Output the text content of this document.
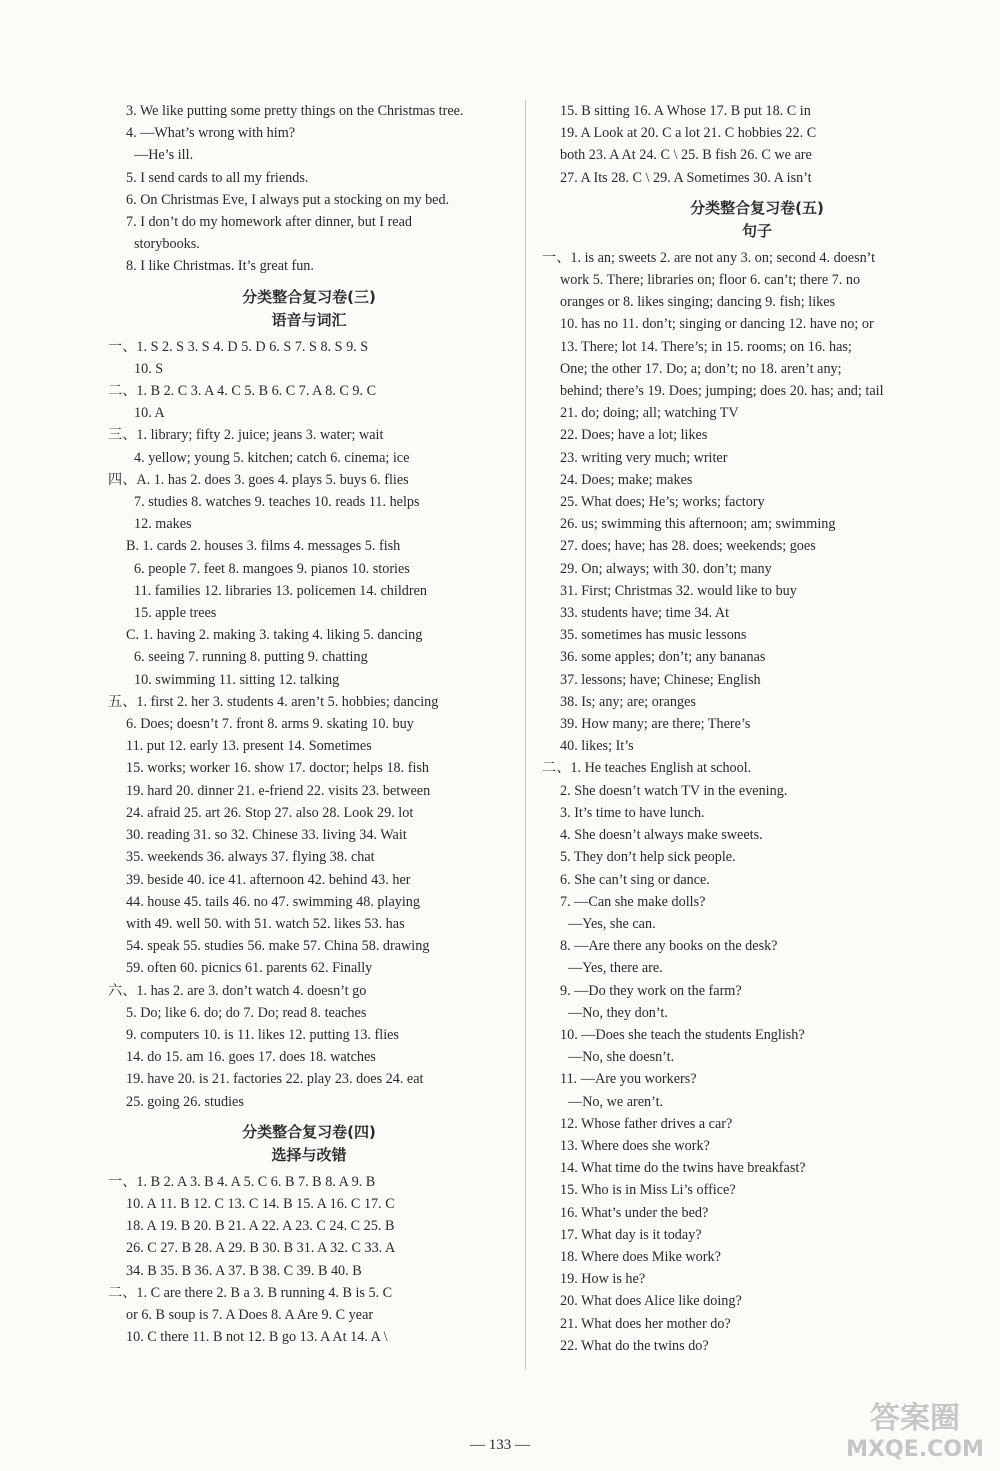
3. We like putting some pretty things on the Christmas tree.
4. —What’s wrong with him?
—He’s ill.
5. I send cards to all my friends.
6. On Christmas Eve, I always put a stocking on my bed.
7. I don’t do my homework after dinner, but I read
storybooks.
8. I like Christmas. It’s great fun.
分类整合复习卷(三)
语音与词汇
一、1. S 2. S 3. S 4. D 5. D 6. S 7. S 8. S 9. S
10. S
二、1. B 2. C 3. A 4. C 5. B 6. C 7. A 8. C 9. C
10. A
三、1. library; fifty 2. juice; jeans 3. water; wait
4. yellow; young 5. kitchen; catch 6. cinema; ice
四、A. 1. has 2. does 3. goes 4. plays 5. buys 6. flies
7. studies 8. watches 9. teaches 10. reads 11. helps
12. makes
B. 1. cards 2. houses 3. films 4. messages 5. fish
6. people 7. feet 8. mangoes 9. pianos 10. stories
11. families 12. libraries 13. policemen 14. children
15. apple trees
C. 1. having 2. making 3. taking 4. liking 5. dancing
6. seeing 7. running 8. putting 9. chatting
10. swimming 11. sitting 12. talking
五、1. first 2. her 3. students 4. aren’t 5. hobbies; dancing
6. Does; doesn’t 7. front 8. arms 9. skating 10. buy
11. put 12. early 13. present 14. Sometimes
15. works; worker 16. show 17. doctor; helps 18. fish
19. hard 20. dinner 21. e-friend 22. visits 23. between
24. afraid 25. art 26. Stop 27. also 28. Look 29. lot
30. reading 31. so 32. Chinese 33. living 34. Wait
35. weekends 36. always 37. flying 38. chat
39. beside 40. ice 41. afternoon 42. behind 43. her
44. house 45. tails 46. no 47. swimming 48. playing
with 49. well 50. with 51. watch 52. likes 53. has
54. speak 55. studies 56. make 57. China 58. drawing
59. often 60. picnics 61. parents 62. Finally
六、1. has 2. are 3. don’t watch 4. doesn’t go
5. Do; like 6. do; do 7. Do; read 8. teaches
9. computers 10. is 11. likes 12. putting 13. flies
14. do 15. am 16. goes 17. does 18. watches
19. have 20. is 21. factories 22. play 23. does 24. eat
25. going 26. studies
分类整合复习卷(四)
选择与改错
一、1. B 2. A 3. B 4. A 5. C 6. B 7. B 8. A 9. B
10. A 11. B 12. C 13. C 14. B 15. A 16. C 17. C
18. A 19. B 20. B 21. A 22. A 23. C 24. C 25. B
26. C 27. B 28. A 29. B 30. B 31. A 32. C 33. A
34. B 35. B 36. A 37. B 38. C 39. B 40. B
二、1. C are there 2. B a 3. B running 4. B is 5. C
or 6. B soup is 7. A Does 8. A Are 9. C year
10. C there 11. B not 12. B go 13. A At 14. A \
15. B sitting 16. A Whose 17. B put 18. C in
19. A Look at 20. C a lot 21. C hobbies 22. C
both 23. A At 24. C \ 25. B fish 26. C we are
27. A Its 28. C \ 29. A Sometimes 30. A isn’t
分类整合复习卷(五)
句子
一、1. is an; sweets 2. are not any 3. on; second 4. doesn’t
work 5. There; libraries on; floor 6. can’t; there 7. no
oranges or 8. likes singing; dancing 9. fish; likes
10. has no 11. don’t; singing or dancing 12. have no; or
13. There; lot 14. There’s; in 15. rooms; on 16. has;
One; the other 17. Do; a; don’t; no 18. aren’t any;
behind; there’s 19. Does; jumping; does 20. has; and; tail
21. do; doing; all; watching TV
22. Does; have a lot; likes
23. writing very much; writer
24. Does; make; makes
25. What does; He’s; works; factory
26. us; swimming this afternoon; am; swimming
27. does; have; has 28. does; weekends; goes
29. On; always; with 30. don’t; many
31. First; Christmas 32. would like to buy
33. students have; time 34. At
35. sometimes has music lessons
36. some apples; don’t; any bananas
37. lessons; have; Chinese; English
38. Is; any; are; oranges
39. How many; are there; There’s
40. likes; It’s
二、1. He teaches English at school.
2. She doesn’t watch TV in the evening.
3. It’s time to have lunch.
4. She doesn’t always make sweets.
5. They don’t help sick people.
6. She can’t sing or dance.
7. —Can she make dolls?
—Yes, she can.
8. —Are there any books on the desk?
—Yes, there are.
9. —Do they work on the farm?
—No, they don’t.
10. —Does she teach the students English?
—No, she doesn’t.
11. —Are you workers?
—No, we aren’t.
12. Whose father drives a car?
13. Where does she work?
14. What time do the twins have breakfast?
15. Who is in Miss Li’s office?
16. What’s under the bed?
17. What day is it today?
18. Where does Mike work?
19. How is he?
20. What does Alice like doing?
21. What does her mother do?
22. What do the twins do?
— 133 —
答案圈
MXQE.COM
